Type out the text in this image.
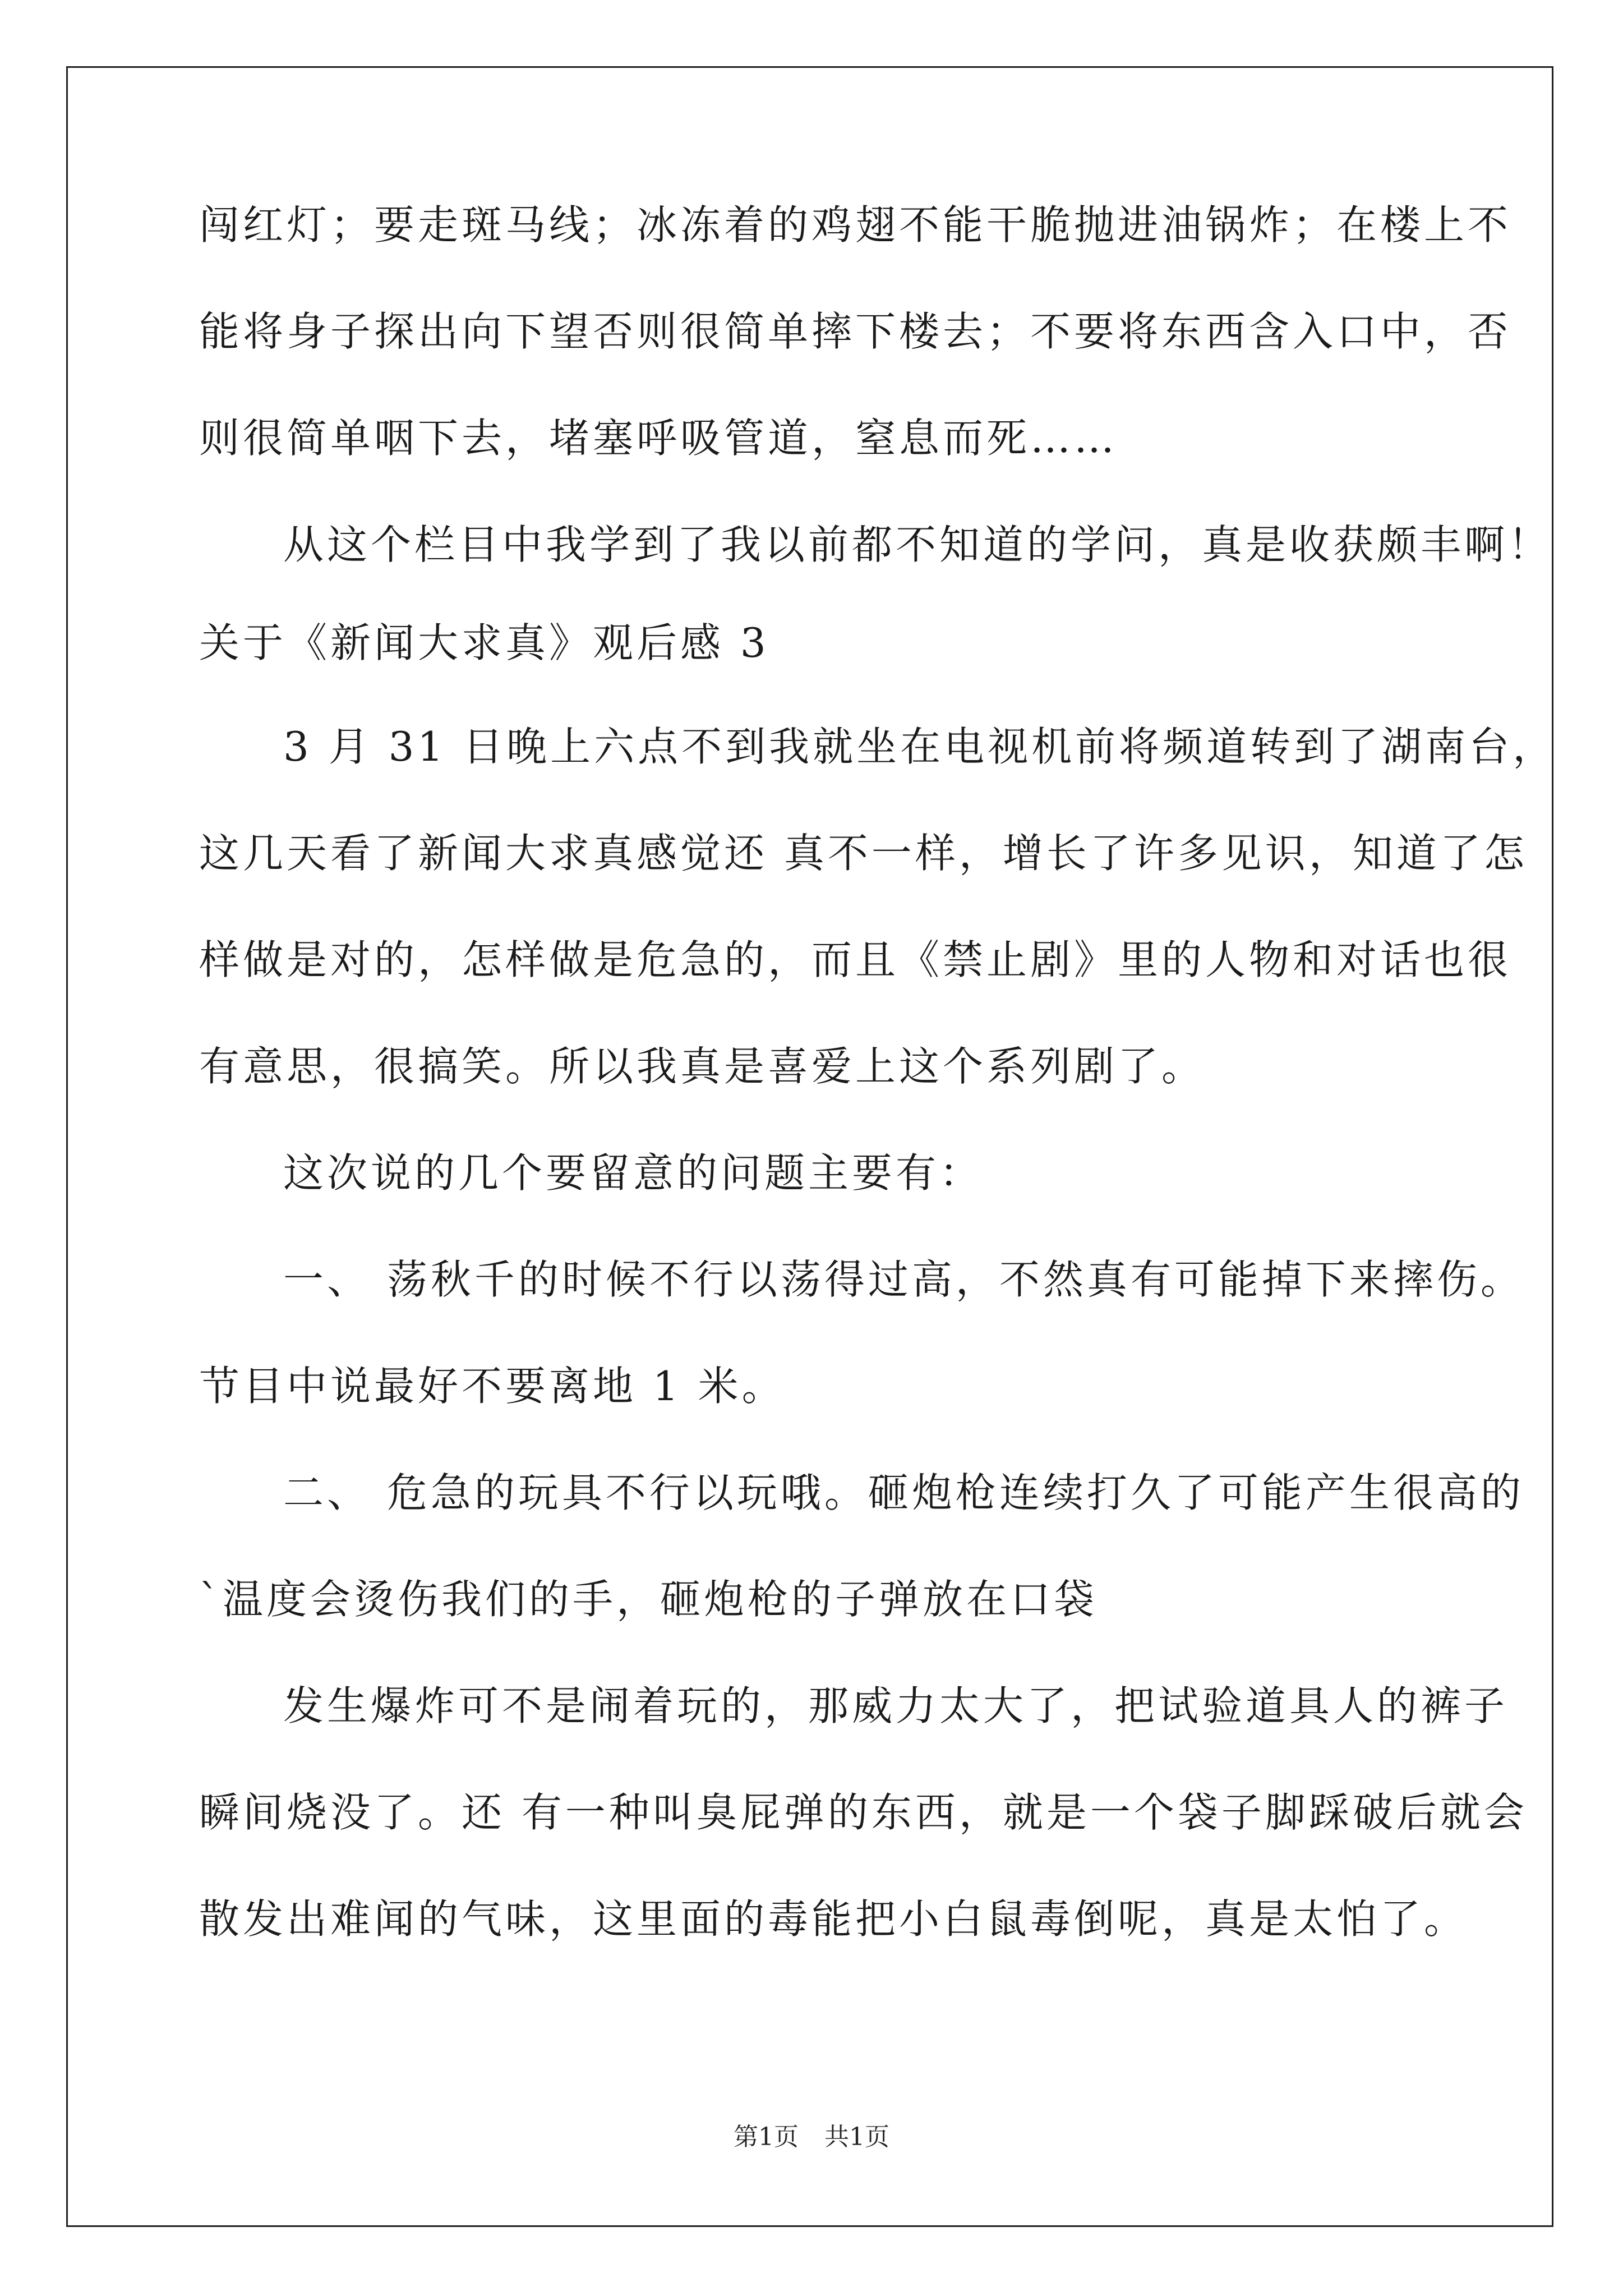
闯红灯；要走斑马线；冰冻着的鸡翅不能干脆抛进油锅炸；在楼上不
能将身子探出向下望否则很简单摔下楼去；不要将东西含入口中，否
则很简单咽下去，堵塞呼吸管道，窒息而死……
从这个栏目中我学到了我以前都不知道的学问，真是收获颇丰啊！
关于《新闻大求真》观后感 3
3 月 31 日晚上六点不到我就坐在电视机前将频道转到了湖南台，
这几天看了新闻大求真感觉还 真不一样，增长了许多见识，知道了怎
样做是对的，怎样做是危急的，而且《禁止剧》里的人物和对话也很
有意思，很搞笑。所以我真是喜爱上这个系列剧了。
这次说的几个要留意的问题主要有：
一、 荡秋千的时候不行以荡得过高，不然真有可能掉下来摔伤。
节目中说最好不要离地 1 米。
二、 危急的玩具不行以玩哦。砸炮枪连续打久了可能产生很高的
`温度会烫伤我们的手，砸炮枪的子弹放在口袋
发生爆炸可不是闹着玩的，那威力太大了，把试验道具人的裤子
瞬间烧没了。还 有一种叫臭屁弹的东西，就是一个袋子脚踩破后就会
散发出难闻的气味，这里面的毒能把小白鼠毒倒呢，真是太怕了。
第1页 共1页
